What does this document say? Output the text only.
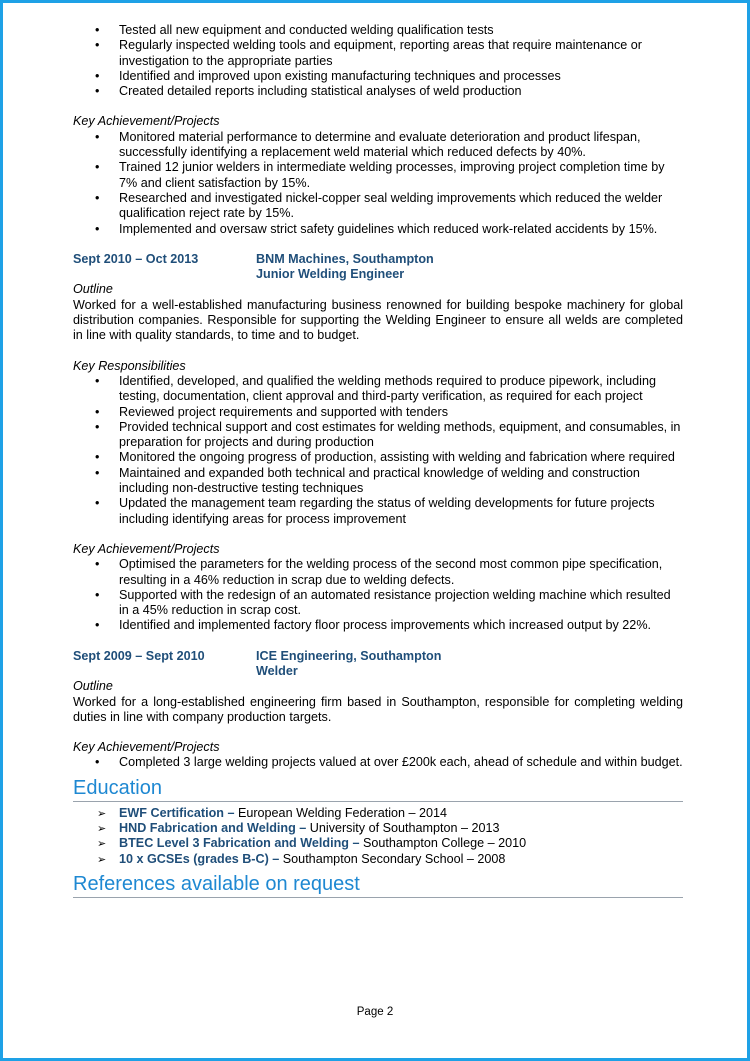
• Tested all new equipment and conducted welding qualification tests
• Regularly inspected welding tools and equipment, reporting areas that require maintenance or investigation to the appropriate parties
• Identified and improved upon existing manufacturing techniques and processes
• Created detailed reports including statistical analyses of weld production
Key Achievement/Projects
• Monitored material performance to determine and evaluate deterioration and product lifespan, successfully identifying a replacement weld material which reduced defects by 40%.
• Trained 12 junior welders in intermediate welding processes, improving project completion time by 7% and client satisfaction by 15%.
• Researched and investigated nickel-copper seal welding improvements which reduced the welder qualification reject rate by 15%.
• Implemented and oversaw strict safety guidelines which reduced work-related accidents by 15%.
Sept 2010 – Oct 2013	BNM Machines, Southampton
Junior Welding Engineer
Outline
Worked for a well-established manufacturing business renowned for building bespoke machinery for global distribution companies. Responsible for supporting the Welding Engineer to ensure all welds are completed in line with quality standards, to time and to budget.
Key Responsibilities
• Identified, developed, and qualified the welding methods required to produce pipework, including testing, documentation, client approval and third-party verification, as required for each project
• Reviewed project requirements and supported with tenders
• Provided technical support and cost estimates for welding methods, equipment, and consumables, in preparation for projects and during production
• Monitored the ongoing progress of production, assisting with welding and fabrication where required
• Maintained and expanded both technical and practical knowledge of welding and construction including non-destructive testing techniques
• Updated the management team regarding the status of welding developments for future projects including identifying areas for process improvement
Key Achievement/Projects
• Optimised the parameters for the welding process of the second most common pipe specification, resulting in a 46% reduction in scrap due to welding defects.
• Supported with the redesign of an automated resistance projection welding machine which resulted in a 45% reduction in scrap cost.
• Identified and implemented factory floor process improvements which increased output by 22%.
Sept 2009 – Sept 2010	ICE Engineering, Southampton
Welder
Outline
Worked for a long-established engineering firm based in Southampton, responsible for completing welding duties in line with company production targets.
Key Achievement/Projects
• Completed 3 large welding projects valued at over £200k each, ahead of schedule and within budget.
Education
➢ EWF Certification – European Welding Federation – 2014
➢ HND Fabrication and Welding – University of Southampton – 2013
➢ BTEC Level 3 Fabrication and Welding – Southampton College – 2010
➢ 10 x GCSEs (grades B-C) – Southampton Secondary School – 2008
References available on request
Page 2
